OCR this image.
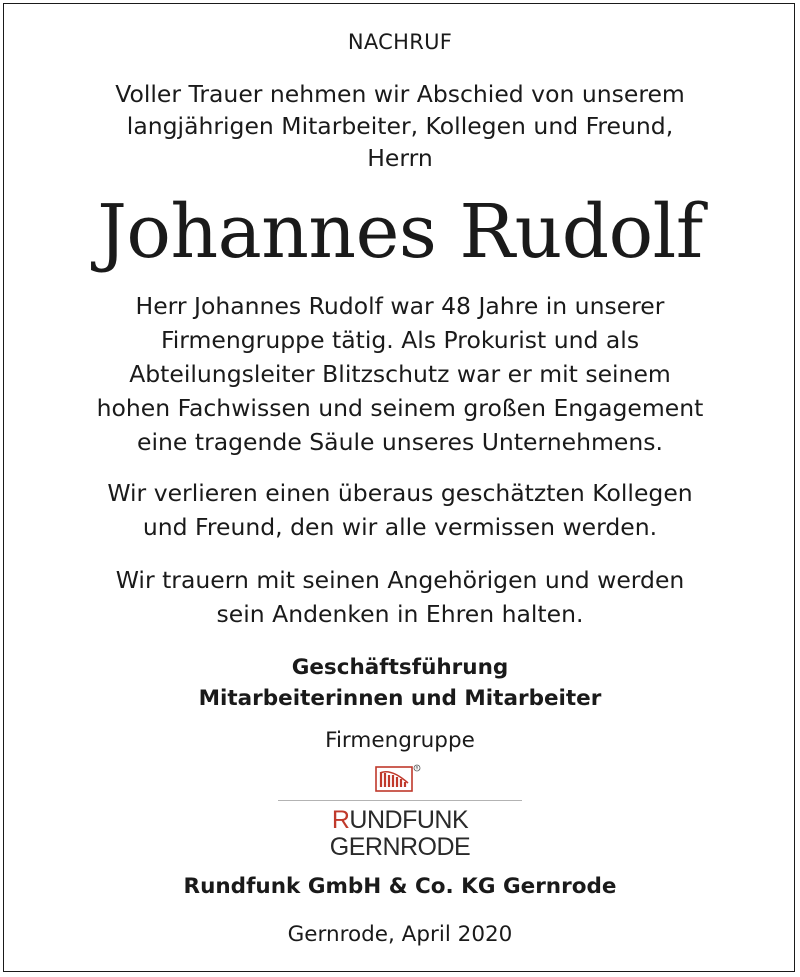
NACHRUF
Voller Trauer nehmen wir Abschied von unserem
langjährigen Mitarbeiter, Kollegen und Freund,
Herrn
Johannes Rudolf
Herr Johannes Rudolf war 48 Jahre in unserer
Firmengruppe tätig. Als Prokurist und als
Abteilungsleiter Blitzschutz war er mit seinem
hohen Fachwissen und seinem großen Engagement
eine tragende Säule unseres Unternehmens.
Wir verlieren einen überaus geschätzten Kollegen
und Freund, den wir alle vermissen werden.
Wir trauern mit seinen Angehörigen und werden
sein Andenken in Ehren halten.
Geschäftsführung
Mitarbeiterinnen und Mitarbeiter
Firmengruppe
R
RUNDFUNK
GERNRODE
Rundfunk GmbH & Co. KG Gernrode
Gernrode, April 2020
